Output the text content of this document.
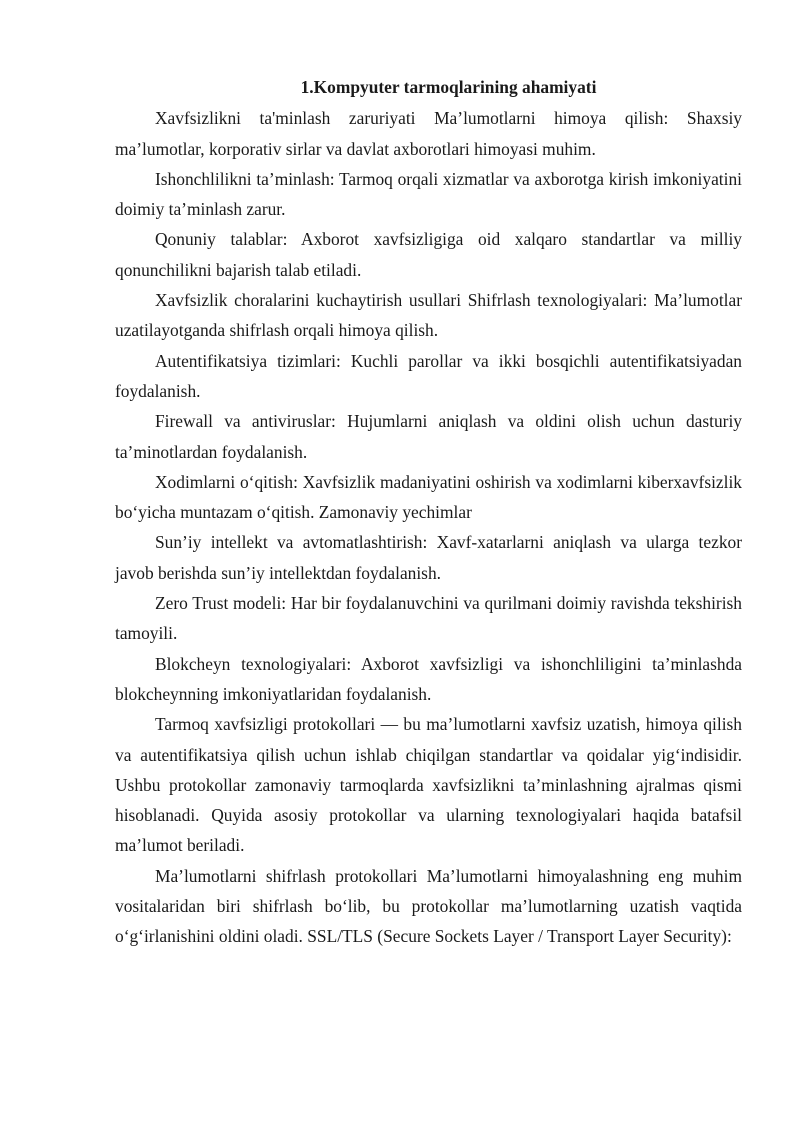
1.Kompyuter tarmoqlarining ahamiyati

Xavfsizlikni ta'minlash zaruriyati Ma’lumotlarni himoya qilish: Shaxsiy ma’lumotlar, korporativ sirlar va davlat axborotlari himoyasi muhim.

Ishonchlilikni ta’minlash: Tarmoq orqali xizmatlar va axborotga kirish imkoniyatini doimiy ta’minlash zarur.

Qonuniy talablar: Axborot xavfsizligiga oid xalqaro standartlar va milliy qonunchilikni bajarish talab etiladi.

Xavfsizlik choralarini kuchaytirish usullari Shifrlash texnologiyalari: Ma’lumotlar uzatilayotganda shifrlash orqali himoya qilish.

Autentifikatsiya tizimlari: Kuchli parollar va ikki bosqichli autentifikatsiyadan foydalanish.

Firewall va antiviruslar: Hujumlarni aniqlash va oldini olish uchun dasturiy ta’minotlardan foydalanish.

Xodimlarni o‘qitish: Xavfsizlik madaniyatini oshirish va xodimlarni kiberxavfsizlik bo‘yicha muntazam o‘qitish. Zamonaviy yechimlar

Sun’iy intellekt va avtomatlashtirish: Xavf-xatarlarni aniqlash va ularga tezkor javob berishda sun’iy intellektdan foydalanish.

Zero Trust modeli: Har bir foydalanuvchini va qurilmani doimiy ravishda tekshirish tamoyili.

Blokcheyn texnologiyalari: Axborot xavfsizligi va ishonchliligini ta’minlashda blokcheynning imkoniyatlaridan foydalanish.

Tarmoq xavfsizligi protokollari — bu ma’lumotlarni xavfsiz uzatish, himoya qilish va autentifikatsiya qilish uchun ishlab chiqilgan standartlar va qoidalar yig‘indisidir. Ushbu protokollar zamonaviy tarmoqlarda xavfsizlikni ta’minlashning ajralmas qismi hisoblanadi. Quyida asosiy protokollar va ularning texnologiyalari haqida batafsil ma’lumot beriladi.

Ma’lumotlarni shifrlash protokollari Ma’lumotlarni himoyalashning eng muhim vositalaridan biri shifrlash bo‘lib, bu protokollar ma’lumotlarning uzatish vaqtida o‘g‘irlanishini oldini oladi. SSL/TLS (Secure Sockets Layer / Transport Layer Security):
